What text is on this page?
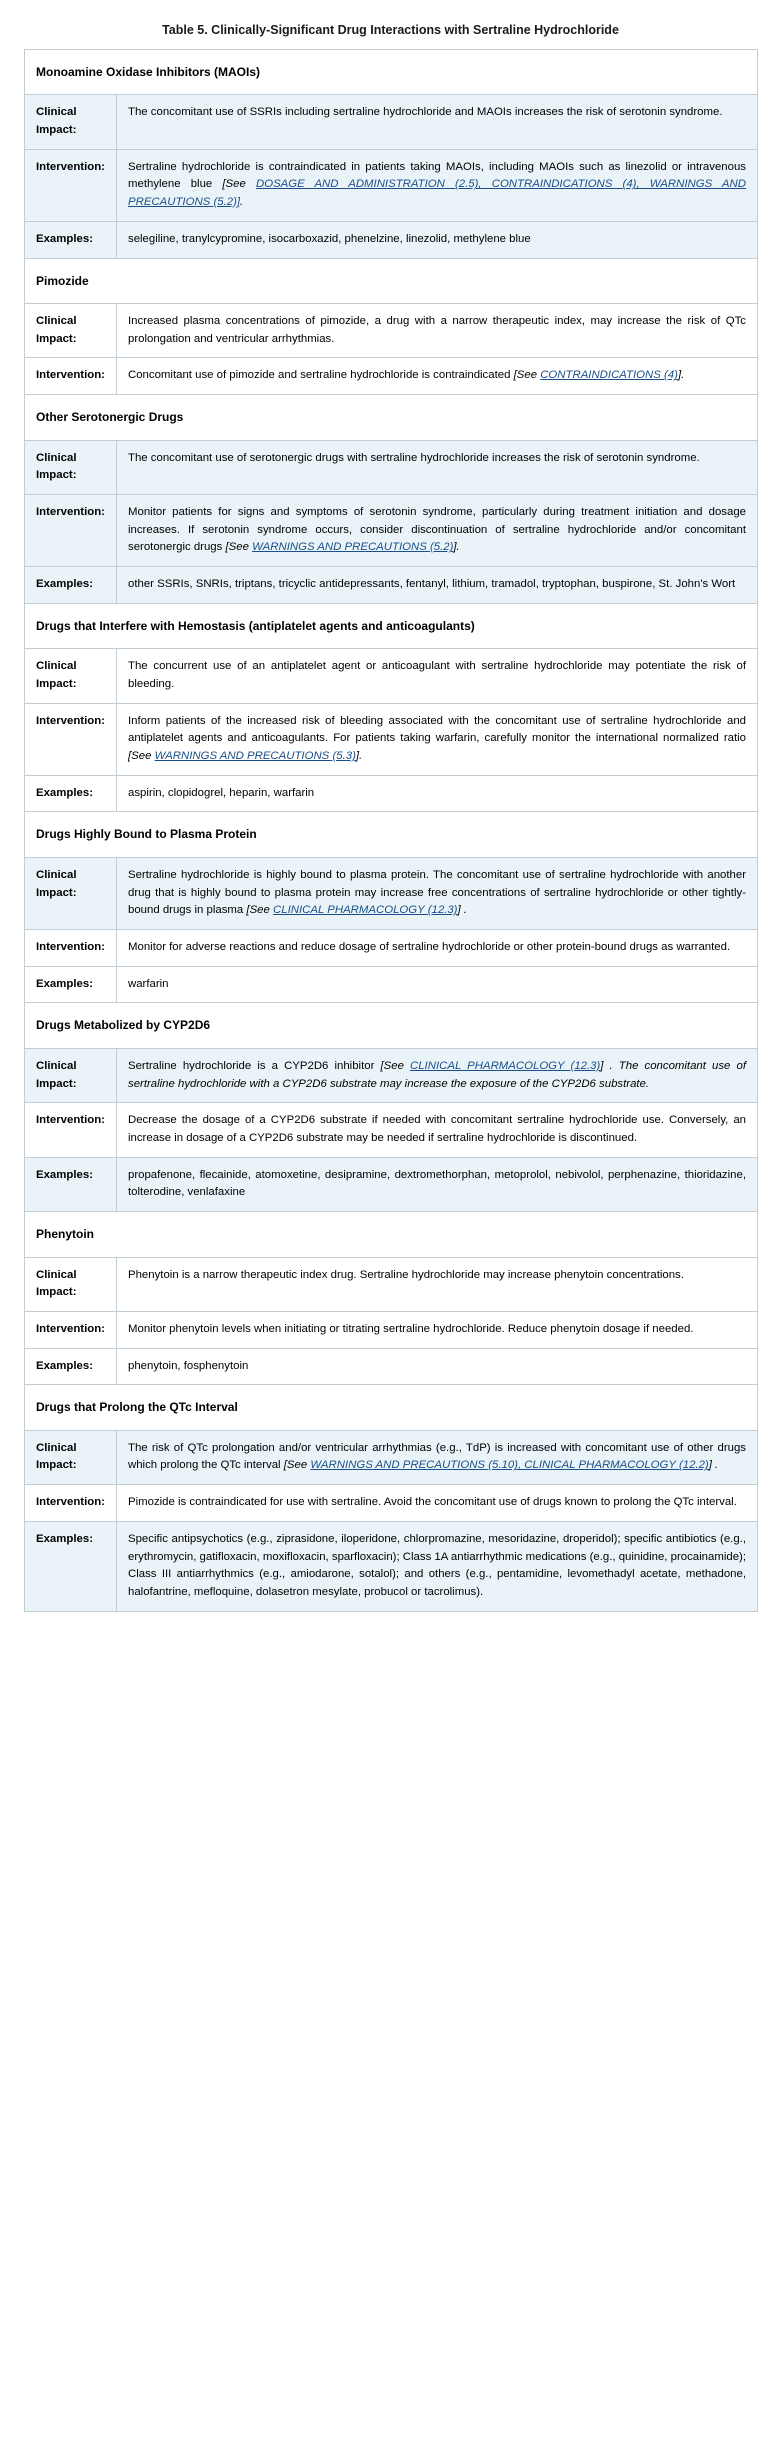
Table 5. Clinically-Significant Drug Interactions with Sertraline Hydrochloride
Monoamine Oxidase Inhibitors (MAOIs)	
Clinical Impact:	The concomitant use of SSRIs including sertraline hydrochloride and MAOIs increases the risk of serotonin syndrome.
Intervention:	Sertraline hydrochloride is contraindicated in patients taking MAOIs, including MAOIs such as linezolid or intravenous methylene blue [See DOSAGE AND ADMINISTRATION (2.5), CONTRAINDICATIONS (4), WARNINGS AND PRECAUTIONS (5.2)].
Examples:	selegiline, tranylcypromine, isocarboxazid, phenelzine, linezolid, methylene blue
Pimozide	
Clinical Impact:	Increased plasma concentrations of pimozide, a drug with a narrow therapeutic index, may increase the risk of QTc prolongation and ventricular arrhythmias.
Intervention:	Concomitant use of pimozide and sertraline hydrochloride is contraindicated [See CONTRAINDICATIONS (4)].
Other Serotonergic Drugs	
Clinical Impact:	The concomitant use of serotonergic drugs with sertraline hydrochloride increases the risk of serotonin syndrome.
Intervention:	Monitor patients for signs and symptoms of serotonin syndrome, particularly during treatment initiation and dosage increases. If serotonin syndrome occurs, consider discontinuation of sertraline hydrochloride and/or concomitant serotonergic drugs [See WARNINGS AND PRECAUTIONS (5.2)].
Examples:	other SSRIs, SNRIs, triptans, tricyclic antidepressants, fentanyl, lithium, tramadol, tryptophan, buspirone, St. John's Wort
Drugs that Interfere with Hemostasis (antiplatelet agents and anticoagulants)	
Clinical Impact:	The concurrent use of an antiplatelet agent or anticoagulant with sertraline hydrochloride may potentiate the risk of bleeding.
Intervention:	Inform patients of the increased risk of bleeding associated with the concomitant use of sertraline hydrochloride and antiplatelet agents and anticoagulants. For patients taking warfarin, carefully monitor the international normalized ratio [See WARNINGS AND PRECAUTIONS (5.3)].
Examples:	aspirin, clopidogrel, heparin, warfarin
Drugs Highly Bound to Plasma Protein	
Clinical Impact:	Sertraline hydrochloride is highly bound to plasma protein. The concomitant use of sertraline hydrochloride with another drug that is highly bound to plasma protein may increase free concentrations of sertraline hydrochloride or other tightly-bound drugs in plasma [See CLINICAL PHARMACOLOGY (12.3)] .
Intervention:	Monitor for adverse reactions and reduce dosage of sertraline hydrochloride or other protein-bound drugs as warranted.
Examples:	warfarin
Drugs Metabolized by CYP2D6	
Clinical Impact:	Sertraline hydrochloride is a CYP2D6 inhibitor [See CLINICAL PHARMACOLOGY (12.3)] . The concomitant use of sertraline hydrochloride with a CYP2D6 substrate may increase the exposure of the CYP2D6 substrate.
Intervention:	Decrease the dosage of a CYP2D6 substrate if needed with concomitant sertraline hydrochloride use. Conversely, an increase in dosage of a CYP2D6 substrate may be needed if sertraline hydrochloride is discontinued.
Examples:	propafenone, flecainide, atomoxetine, desipramine, dextromethorphan, metoprolol, nebivolol, perphenazine, thioridazine, tolterodine, venlafaxine
Phenytoin	
Clinical Impact:	Phenytoin is a narrow therapeutic index drug. Sertraline hydrochloride may increase phenytoin concentrations.
Intervention:	Monitor phenytoin levels when initiating or titrating sertraline hydrochloride. Reduce phenytoin dosage if needed.
Examples:	phenytoin, fosphenytoin
Drugs that Prolong the QTc Interval	
Clinical Impact:	The risk of QTc prolongation and/or ventricular arrhythmias (e.g., TdP) is increased with concomitant use of other drugs which prolong the QTc interval [See WARNINGS AND PRECAUTIONS (5.10), CLINICAL PHARMACOLOGY (12.2)] .
Intervention:	Pimozide is contraindicated for use with sertraline. Avoid the concomitant use of drugs known to prolong the QTc interval.
Examples:	Specific antipsychotics (e.g., ziprasidone, iloperidone, chlorpromazine, mesoridazine, droperidol); specific antibiotics (e.g., erythromycin, gatifloxacin, moxifloxacin, sparfloxacin); Class 1A antiarrhythmic medications (e.g., quinidine, procainamide); Class III antiarrhythmics (e.g., amiodarone, sotalol); and others (e.g., pentamidine, levomethadyl acetate, methadone, halofantrine, mefloquine, dolasetron mesylate, probucol or tacrolimus).
